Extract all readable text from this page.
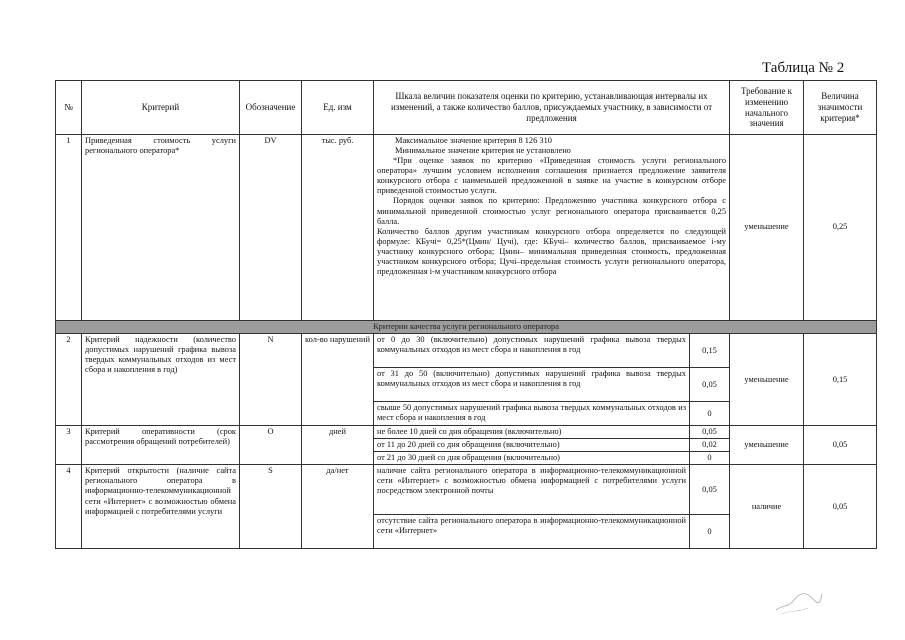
Таблица № 2
№	Критерий	Обозначение	Ед. изм	Шкала величин показателя оценки по критерию, устанавливающая интервалы их изменений, а также количество баллов, присуждаемых участнику, в зависимости от предложения		Требование к изменению начального значения	Величина значимости критерия*
1	Приведенная стоимость услуги регионального оператора*	DV	тыс. руб.	Максимальное значение критерия 8 126 310

Минимальное значение критерия не установлено

*При оценке заявок по критерию «Приведенная стоимость услуги регионального оператора» лучшим условием исполнения соглашения признается предложение заявителя конкурсного отбора с наименьшей предложенной в заявке на участие в конкурсном отборе приведенной стоимостью услуги.

Порядок оценки заявок по критерию: Предложению участника конкурсного отбора с минимальной приведенной стоимостью услуг регионального оператора присваивается 0,25 балла.

Количество баллов другим участникам конкурсного отбора определяется по следующей формуле: КБучi= 0,25*(Цмин/ Цучi), где: КБучi– количество баллов, присваиваемое i-му участнику конкурсного отбора; Цмин– минимальная приведенная стоимость, предложенная участником конкурсного отбора; Цучi–предельная стоимость услуги регионального оператора, предложенная i-м участником конкурсного отбора		уменьшение	0,25
Критерии качества услуги регионального оператора							
2	Критерий надежности (количество допустимых нарушений графика вывоза твердых коммунальных отходов из мест сбора и накопления в год)	N	кол-во нарушений	от 0 до 30 (включительно) допустимых нарушений графика вывоза твердых коммунальных отходов из мест сбора и накопления в год	0,15	уменьшение	0,15
				от 31 до 50 (включительно) допустимых нарушений графика вывоза твердых коммунальных отходов из мест сбора и накопления в год	0,05		
				свыше 50 допустимых нарушений графика вывоза твердых коммунальных отходов из мест сбора и накопления в год	0		
3	Критерий оперативности (срок рассмотрения обращений потребителей)	O	дней	не более 10 дней со дня обращения (включительно)	0,05	уменьшение	0,05
				от 11 до 20 дней со дня обращения (включительно)	0,02		
				от 21 до 30 дней со дня обращения (включительно)	0		
4	Критерий открытости (наличие сайта регионального оператора в информационно-телекоммуникационной сети «Интернет» с возможностью обмена информацией с потребителями услуги	S	да/нет	наличие сайта регионального оператора в информационно-телекоммуникационной сети «Интернет» с возможностью обмена информацией с потребителями услуги посредством электронной почты	0,05	наличие	0,05
				отсутствие сайта регионального оператора в информационно-телекоммуникационной сети «Интернет»	0		
